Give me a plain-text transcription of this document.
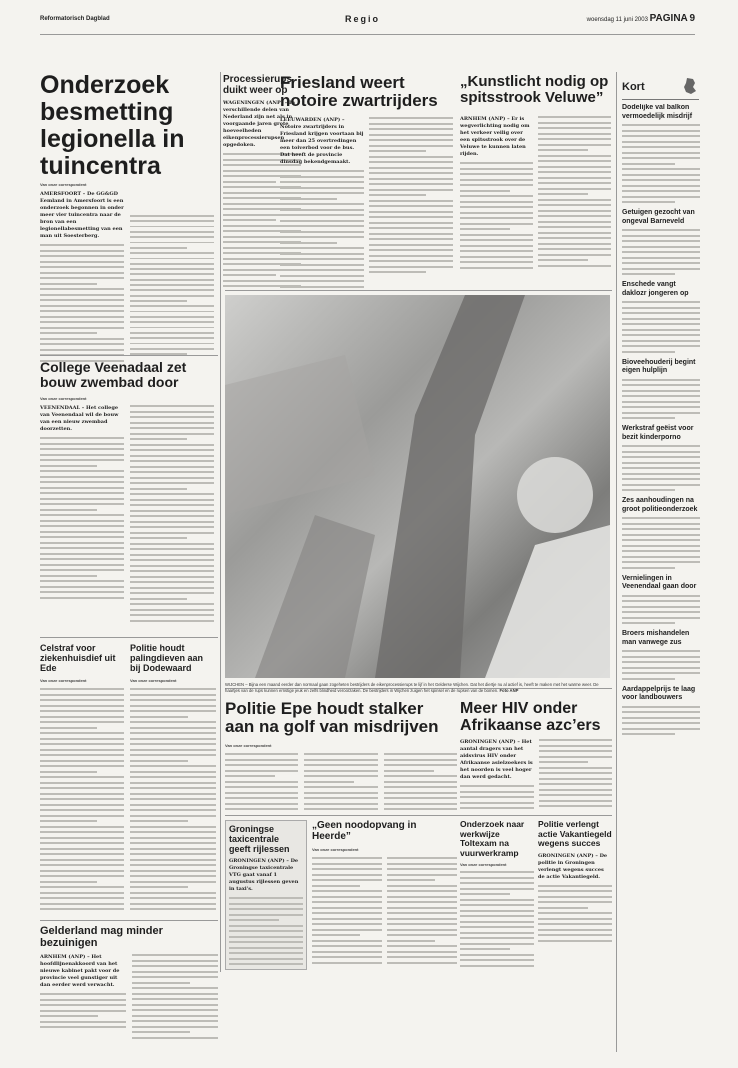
Reformatorisch Dagblad	Regio	woensdag 11 juni 2003 PAGINA 9
Onderzoek besmetting legionella in tuincentra
Van onze correspondent
AMERSFOORT – De GG&GD Eemland in Amersfoort is een onderzoek begonnen in onder meer vier tuincentra naar de bron van een legionellabesmetting van een man uit Soesterberg.
Processierups duikt weer op
WAGENINGEN (ANP) – In verschillende delen van Nederland zijn net als in voorgaande jaren grote hoeveelheden eikenprocessierupsen opgedoken.
Friesland weert notoire zwartrijders
LEEUWARDEN (ANP) – Notoire zwartrijders in Friesland krijgen voortaan bij meer dan 25 overtredingen een toiverbod voor de bus. Dat heeft de provincie dinsdag bekendgemaakt.
„Kunstlicht nodig op spitsstrook Veluwe”
ARNHEM (ANP) – Er is wegverlichting nodig om het verkeer veilig over een spitsstrook over de Veluwe te kunnen laten rijden.
College Veenadaal zet bouw zwembad door
Van onze correspondent
VEENENDAAL – Het college van Veenendaal wil de bouw van een nieuw zwembad doorzetten.
WIJCHEN – Bijna een maand eerder dan normaal gaan zogeheten bestrijders de eikenprocessierups te lijf in het Gelderse Wijchen. Dat het diertje nu al actief is, heeft te maken met het warme weer. De haartjes van de rups kunnen ernstige jeuk en zelfs blindheid veroorzaken. De bestrijders in Wijchen zuigen het spinsel en de rupsen van de bomen. Foto ANP
Politie Epe houdt stalker aan na golf van misdrijven
Van onze correspondent
Meer HIV onder Afrikaanse azc’ers
GRONINGEN (ANP) – Het aantal dragers van het aidsvirus HIV onder Afrikaanse asielzoekers is het noorden is veel hoger dan werd gedacht.
Celstraf voor ziekenhuisdief uit Ede
Van onze correspondent
Politie houdt palingdieven aan bij Dodewaard
Van onze correspondent
Groningse taxicentrale geeft rijlessen
GRONINGEN (ANP) – De Groningse taxicentrale VTG gaat vanaf 1 augustus rijlessen geven in taxi's.
„Geen noodopvang in Heerde”
Van onze correspondent
Onderzoek naar werkwijze Toltexam na vuurwerkramp
Van onze correspondent
Politie verlengt actie Vakantiegeld wegens succes
GRONINGEN (ANP) – De politie in Groningen verlengt wegens succes de actie Vakantiegeld.
Gelderland mag minder bezuinigen
ARNHEM (ANP) – Het hoofdlijnenakkoord van het nieuwe kabinet pakt voor de provincie veel gunstiger uit dan eerder werd verwacht.
Kort
Dodelijke val balkon vermoedelijk misdrijf
Getuigen gezocht van ongeval Barneveld
Enschede vangt daklozr jongeren op
Bioveehouderij begint eigen hulplijn
Werkstraf geëist voor bezit kinderporno
Zes aanhoudingen na groot politieonderzoek
Vernielingen in Veenendaal gaan door
Broers mishandelen man vanwege zus
Aardappelprijs te laag voor landbouwers
